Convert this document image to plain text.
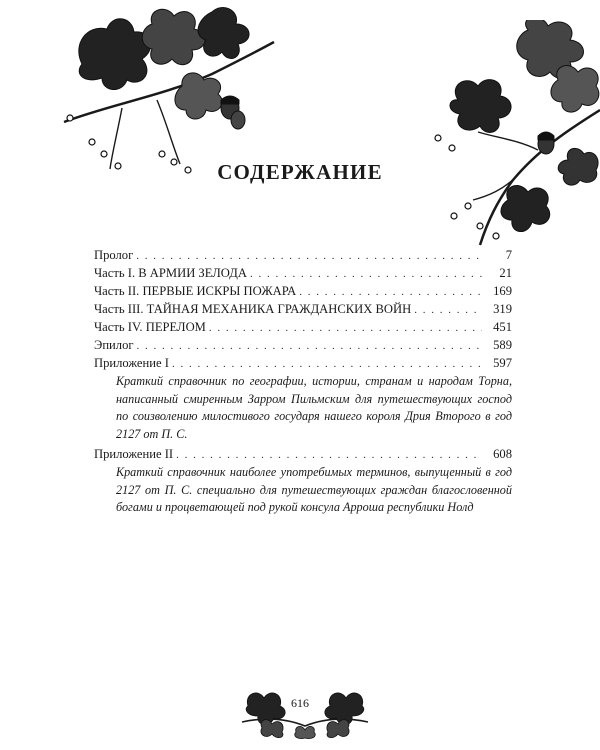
СОДЕРЖАНИЕ
Пролог . . .	7
Часть I. В АРМИИ ЗЕЛОДА . . .	21
Часть II. ПЕРВЫЕ ИСКРЫ ПОЖАРА . . .	169
Часть III. ТАЙНАЯ МЕХАНИКА ГРАЖДАНСКИХ ВОЙН . . .	319
Часть IV. ПЕРЕЛОМ . . .	451
Эпилог . . .	589
Приложение I . . .	597
Краткий справочник по географии, истории, странам и народам Торна, написанный смиренным Зарром Пильмским для путешествующих господ по соизволению милостивого государя нашего короля Дрия Второго в год 2127 от П. С.
Приложение II . . .	608
Краткий справочник наиболее употребимых терминов, выпущенный в год 2127 от П. С. специально для путешествующих граждан благословенной богами и процветающей под рукой консула Арроша республики Нолд
616
